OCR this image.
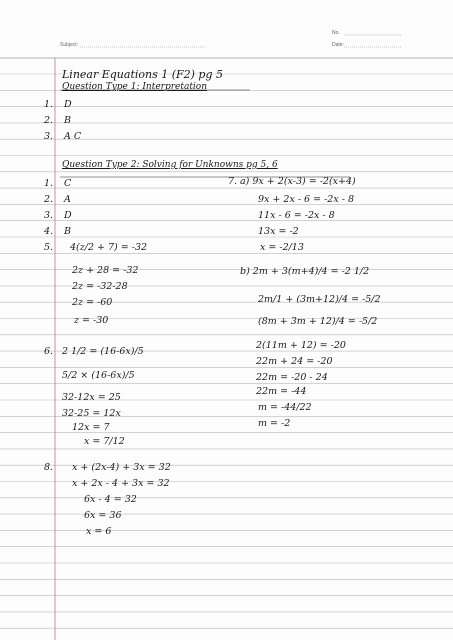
No.
Subject:	Date:
Linear Equations 1 (F2) pg 5
Question Type 1: Interpretation
1. D
2. B
3. A C
Question Type 2: Solving for Unknowns pg 5, 6
1. C
2. A
3. D
4. B
5. 4(z/2 + 7) = -32
2z + 28 = -32
2z = -32-28
2z = -60
z = -30
6. 2 1/2 = (16-6x)/5
5/2 × (16-6x)/5
32-12x = 25
32-25 = 12x
12x = 7
x = 7/12
7. a) 9x + 2(x-3) = -2(x+4)
9x + 2x - 6 = -2x - 8
11x - 6 = -2x - 8
13x = -2
x = -2/13
b) 2m + 3(m+4)/4 = -2 1/2
2m/1 + (3m+12)/4 = -5/2
(8m + 3m + 12)/4 = -5/2
2(11m + 12) = -20
22m + 24 = -20
22m = -20 - 24
22m = -44
m = -44/22
m = -2
8. x + (2x-4) + 3x = 32
x + 2x - 4 + 3x = 32
6x - 4 = 32
6x = 36
x = 6
